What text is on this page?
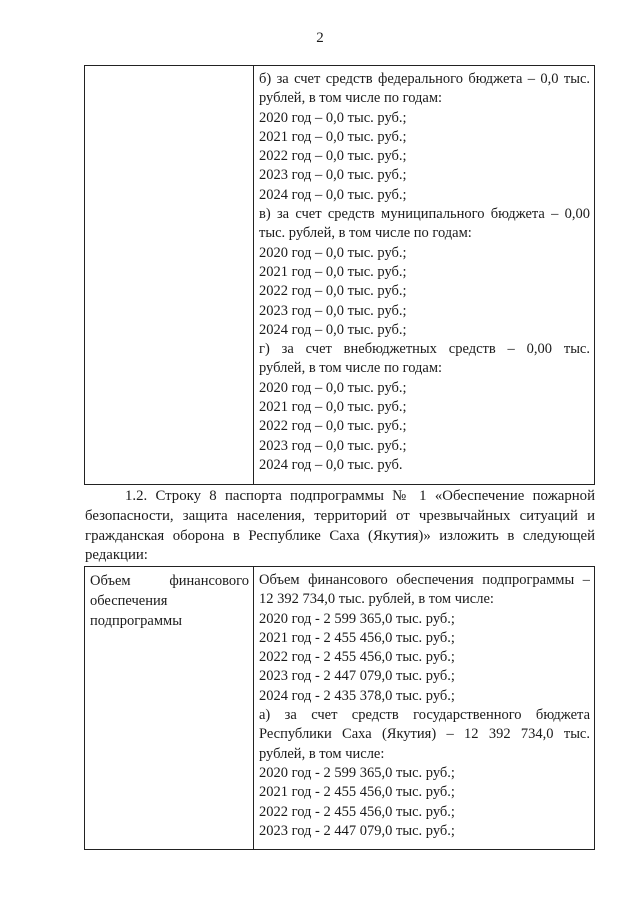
2

б) за счет средств федерального бюджета – 0,0 тыс.
рублей, в том числе по годам:
2020 год – 0,0 тыс. руб.;
2021 год – 0,0 тыс. руб.;
2022 год – 0,0 тыс. руб.;
2023 год – 0,0 тыс. руб.;
2024 год – 0,0 тыс. руб.;
в) за счет средств муниципального бюджета – 0,00
тыс. рублей, в том числе по годам:
2020 год – 0,0 тыс. руб.;
2021 год – 0,0 тыс. руб.;
2022 год – 0,0 тыс. руб.;
2023 год – 0,0 тыс. руб.;
2024 год – 0,0 тыс. руб.;
г) за счет внебюджетных средств – 0,00 тыс.
рублей, в том числе по годам:
2020 год – 0,0 тыс. руб.;
2021 год – 0,0 тыс. руб.;
2022 год – 0,0 тыс. руб.;
2023 год – 0,0 тыс. руб.;
2024 год – 0,0 тыс. руб.
1.2. Строку 8 паспорта подпрограммы № 1 «Обеспечение пожарной безопасности, защита населения, территорий от чрезвычайных ситуаций и гражданская оборона в Республике Саха (Якутия)» изложить в следующей редакции:
Объем	финансового
обеспечения
подпрограммы

Объем финансового обеспечения подпрограммы –
12 392 734,0 тыс. рублей, в том числе:
2020 год - 2 599 365,0 тыс. руб.;
2021 год - 2 455 456,0 тыс. руб.;
2022 год - 2 455 456,0 тыс. руб.;
2023 год - 2 447 079,0 тыс. руб.;
2024 год - 2 435 378,0 тыс. руб.;
а) за счет средств государственного бюджета
Республики Саха (Якутия) – 12 392 734,0 тыс.
рублей, в том числе:
2020 год - 2 599 365,0 тыс. руб.;
2021 год - 2 455 456,0 тыс. руб.;
2022 год - 2 455 456,0 тыс. руб.;
2023 год - 2 447 079,0 тыс. руб.;
